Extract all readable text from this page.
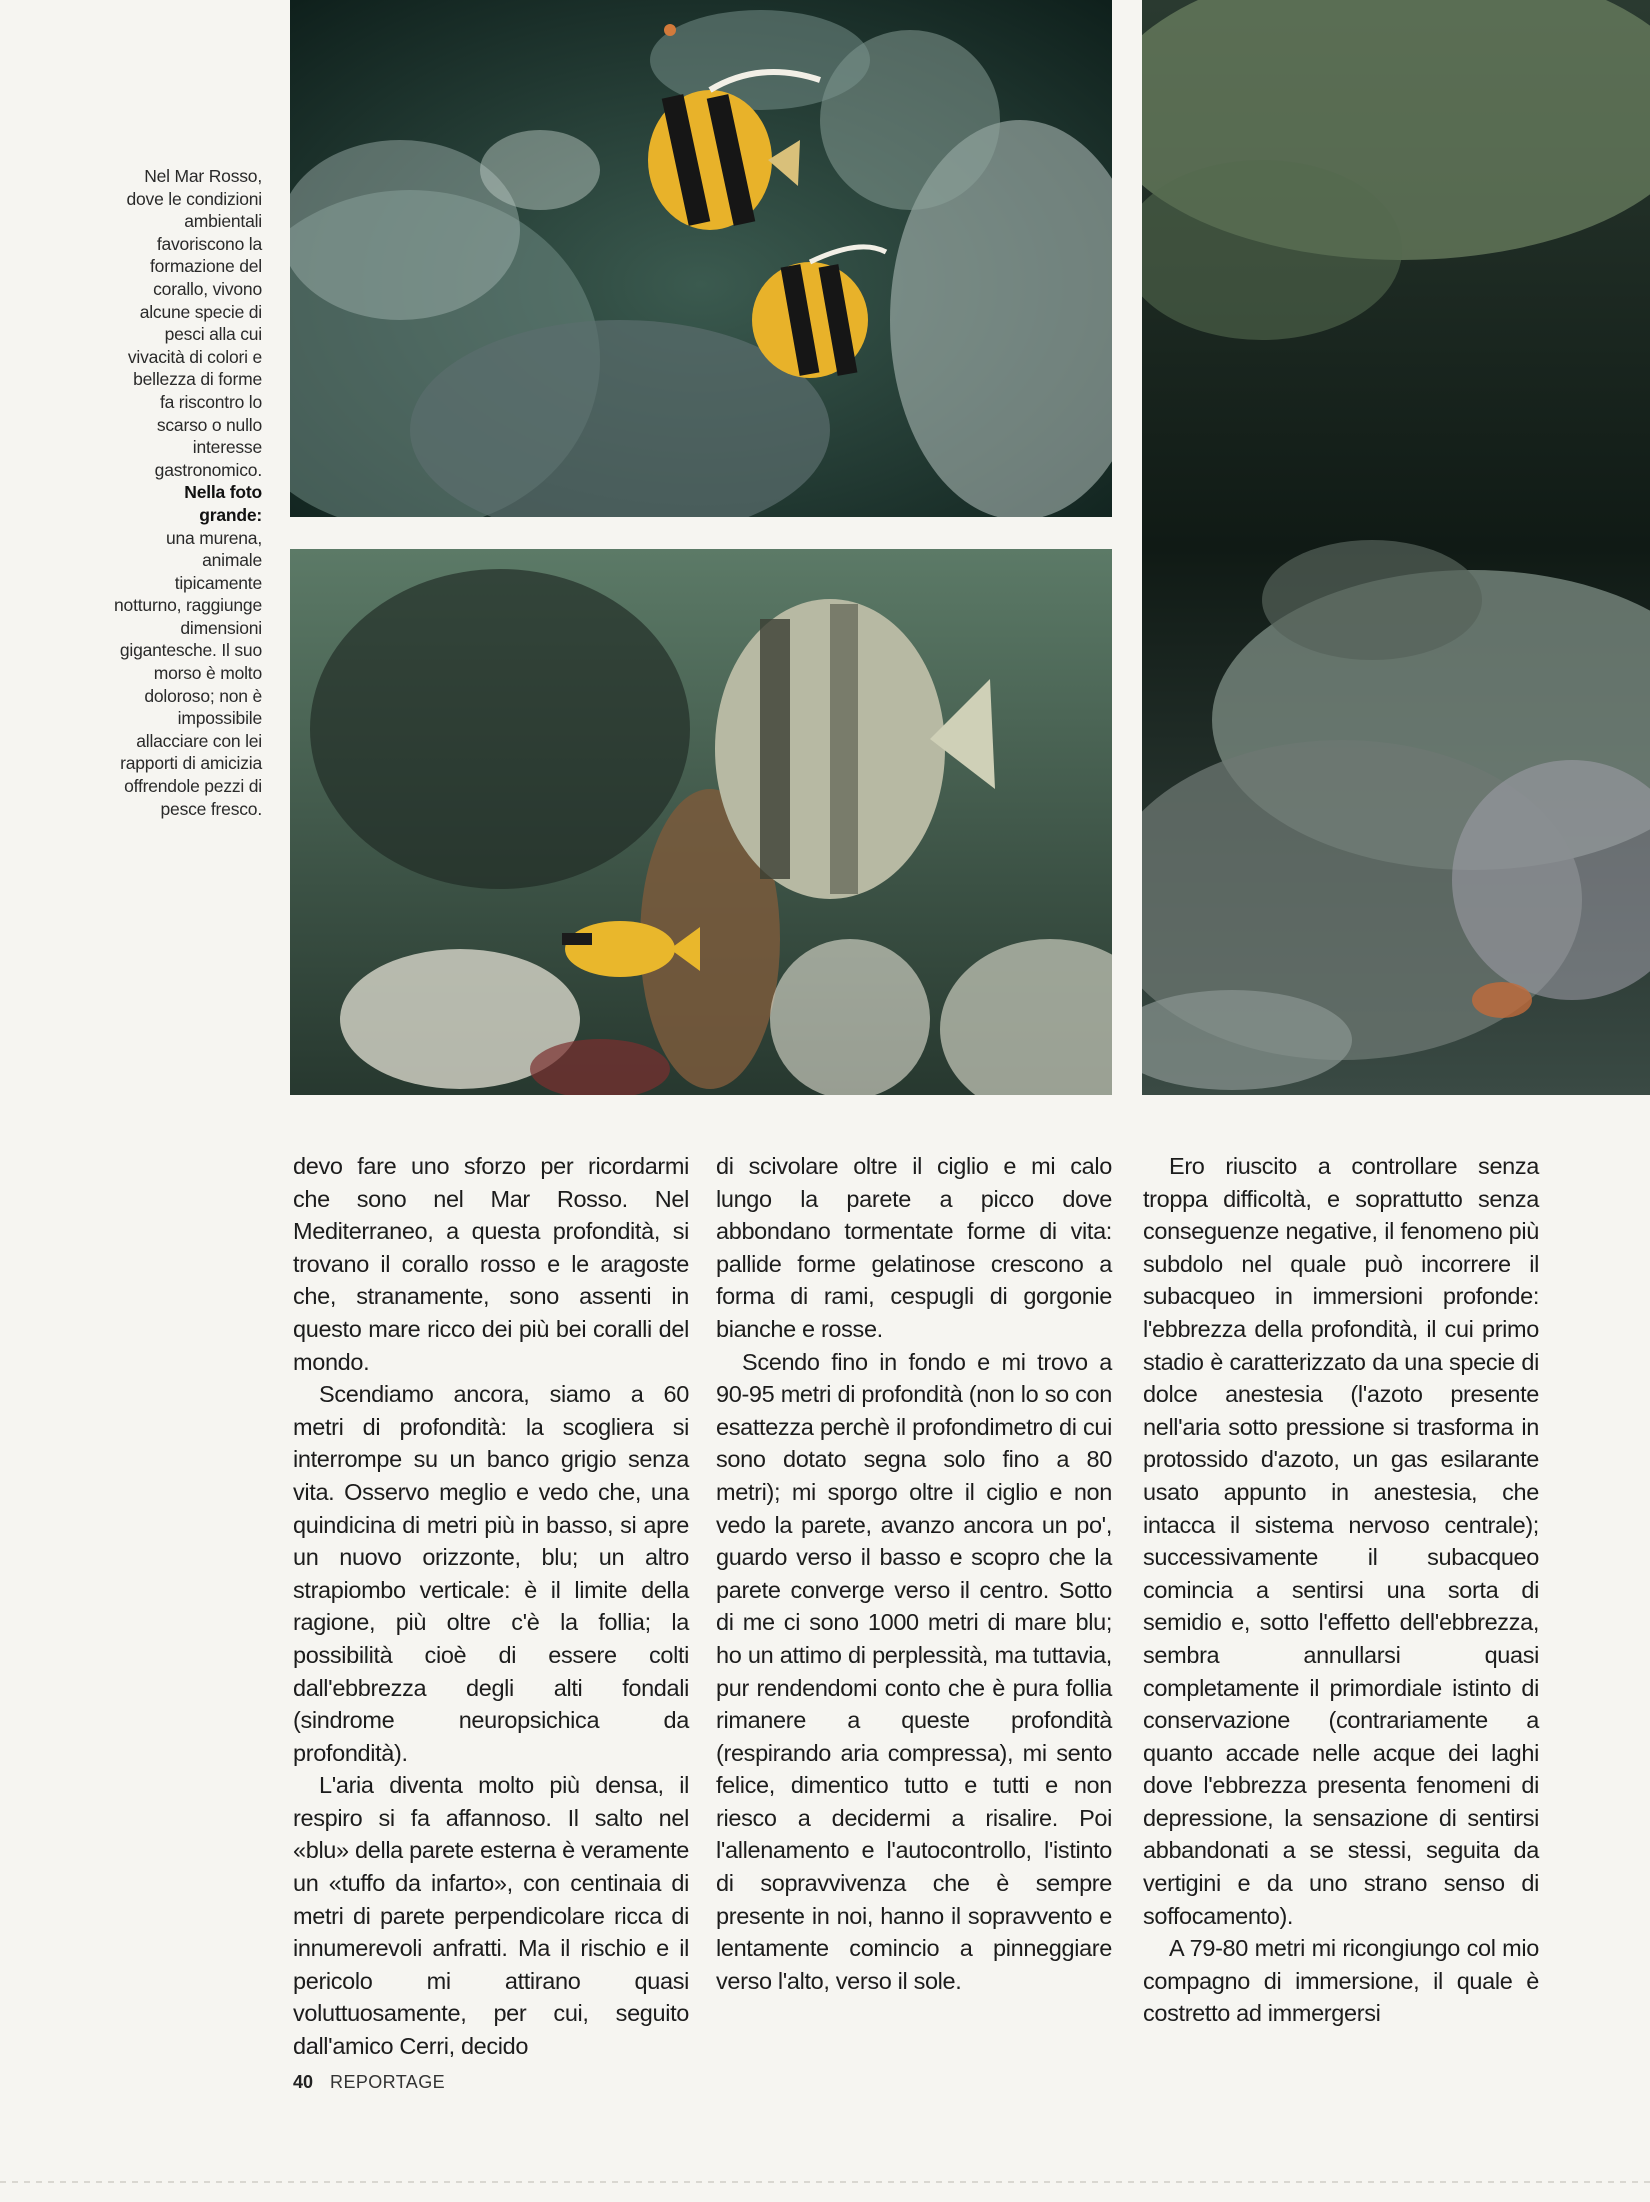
Nel Mar Rosso,
dove le condizioni
ambientali
favoriscono la
formazione del
corallo, vivono
alcune specie di
pesci alla cui
vivacità di colori e
bellezza di forme
fa riscontro lo
scarso o nullo
interesse
gastronomico.
Nella foto
grande:
una murena,
animale
tipicamente
notturno, raggiunge
dimensioni
gigantesche. Il suo
morso è molto
doloroso; non è
impossibile
allacciare con lei
rapporti di amicizia
offrendole pezzi di
pesce fresco.
devo fare uno sforzo per ricordarmi che sono nel Mar Rosso. Nel Mediterraneo, a questa profondità, si trovano il corallo rosso e le aragoste che, stranamente, sono assenti in questo mare ricco dei più bei coralli del mondo.
Scendiamo ancora, siamo a 60 metri di profondità: la scogliera si interrompe su un banco grigio senza vita. Osservo meglio e vedo che, una quindicina di metri più in basso, si apre un nuovo orizzonte, blu; un altro strapiombo verticale: è il limite della ragione, più oltre c'è la follia; la possibilità cioè di essere colti dall'ebbrezza degli alti fondali (sindrome neuropsichica da profondità).
L'aria diventa molto più densa, il respiro si fa affannoso. Il salto nel «blu» della parete esterna è veramente un «tuffo da infarto», con centinaia di metri di parete perpendicolare ricca di innumerevoli anfratti. Ma il rischio e il pericolo mi attirano quasi voluttuosamente, per cui, seguito dall'amico Cerri, decido
di scivolare oltre il ciglio e mi calo lungo la parete a picco dove abbondano tormentate forme di vita: pallide forme gelatinose crescono a forma di rami, cespugli di gorgonie bianche e rosse.
Scendo fino in fondo e mi trovo a 90-95 metri di profondità (non lo so con esattezza perchè il profondimetro di cui sono dotato segna solo fino a 80 metri); mi sporgo oltre il ciglio e non vedo la parete, avanzo ancora un po', guardo verso il basso e scopro che la parete converge verso il centro. Sotto di me ci sono 1000 metri di mare blu; ho un attimo di perplessità, ma tuttavia, pur rendendomi conto che è pura follia rimanere a queste profondità (respirando aria compressa), mi sento felice, dimentico tutto e tutti e non riesco a decidermi a risalire. Poi l'allenamento e l'autocontrollo, l'istinto di sopravvivenza che è sempre presente in noi, hanno il sopravvento e lentamente comincio a pinneggiare verso l'alto, verso il sole.
Ero riuscito a controllare senza troppa difficoltà, e soprattutto senza conseguenze negative, il fenomeno più subdolo nel quale può incorrere il subacqueo in immersioni profonde: l'ebbrezza della profondità, il cui primo stadio è caratterizzato da una specie di dolce anestesia (l'azoto presente nell'aria sotto pressione si trasforma in protossido d'azoto, un gas esilarante usato appunto in anestesia, che intacca il sistema nervoso centrale); successivamente il subacqueo comincia a sentirsi una sorta di semidio e, sotto l'effetto dell'ebbrezza, sembra annullarsi quasi completamente il primordiale istinto di conservazione (contrariamente a quanto accade nelle acque dei laghi dove l'ebbrezza presenta fenomeni di depressione, la sensazione di sentirsi abbandonati a se stessi, seguita da vertigini e da uno strano senso di soffocamento).
A 79-80 metri mi ricongiungo col mio compagno di immersione, il quale è costretto ad immergersi
40 REPORTAGE
